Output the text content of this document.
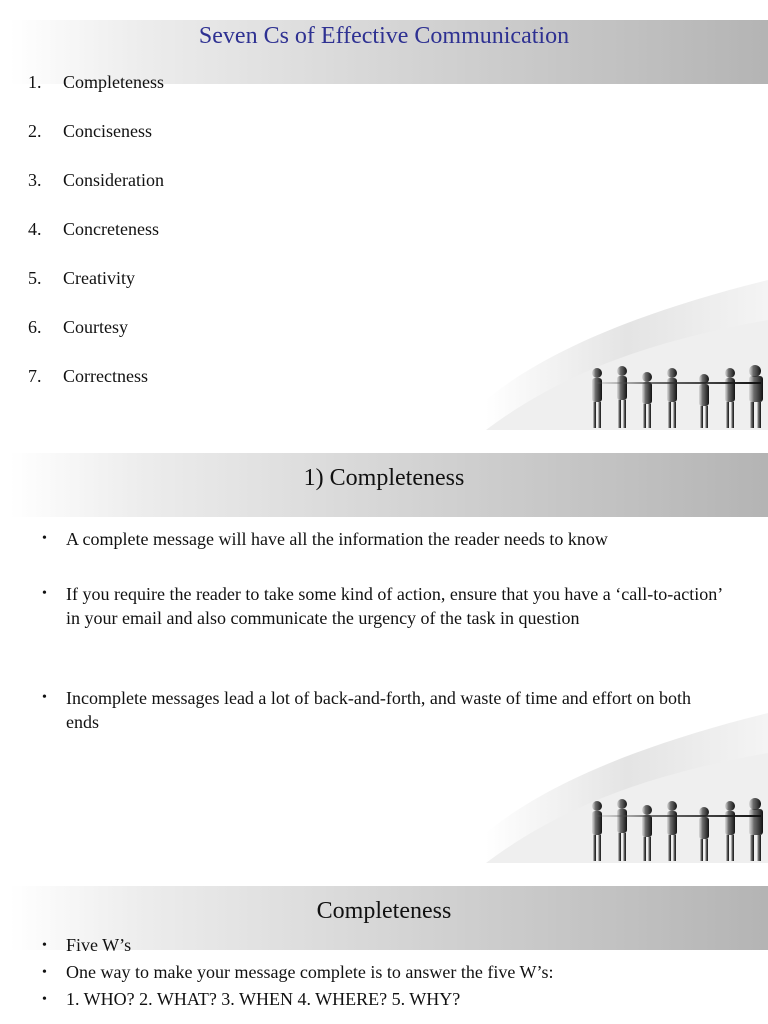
Seven Cs of Effective Communication
1.	Completeness
2.	Conciseness
3.	Consideration
4.	Concreteness
5.	Creativity
6.	Courtesy
7.	Correctness
1) Completeness
• A complete message will have all the information the reader needs to know
• If you require the reader to take some kind of action, ensure that you have a ‘call-to-action’ in your email and also communicate the urgency of the task in question
• Incomplete messages lead a lot of back-and-forth, and waste of time and effort on both ends
Completeness
• Five W’s
• One way to make your message complete is to answer the five W’s:
• 1. WHO? 2. WHAT? 3. WHEN 4. WHERE? 5. WHY?
